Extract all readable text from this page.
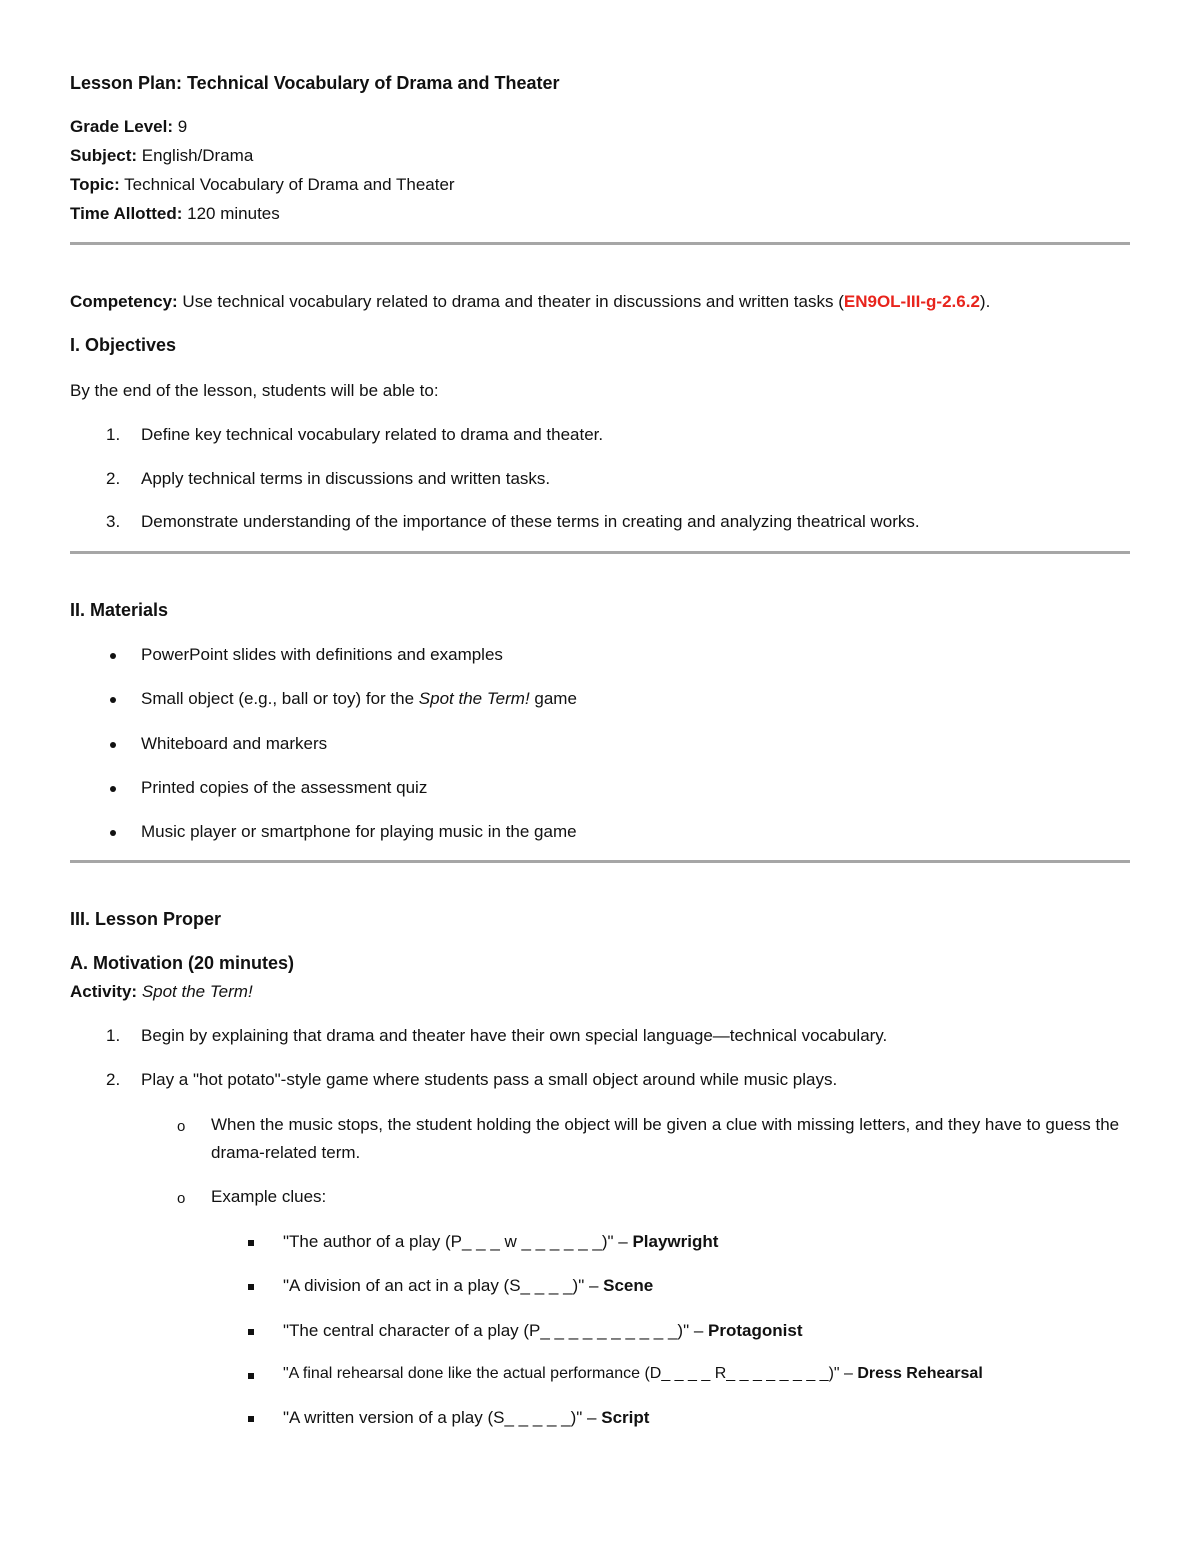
Lesson Plan: Technical Vocabulary of Drama and Theater
Grade Level: 9
Subject: English/Drama
Topic: Technical Vocabulary of Drama and Theater
Time Allotted: 120 minutes
Competency: Use technical vocabulary related to drama and theater in discussions and written tasks (EN9OL-III-g-2.6.2).
I. Objectives
By the end of the lesson, students will be able to:
1. Define key technical vocabulary related to drama and theater.
2. Apply technical terms in discussions and written tasks.
3. Demonstrate understanding of the importance of these terms in creating and analyzing theatrical works.
II. Materials
PowerPoint slides with definitions and examples
Small object (e.g., ball or toy) for the Spot the Term! game
Whiteboard and markers
Printed copies of the assessment quiz
Music player or smartphone for playing music in the game
III. Lesson Proper
A. Motivation (20 minutes)
Activity: Spot the Term!
1. Begin by explaining that drama and theater have their own special language—technical vocabulary.
2. Play a "hot potato"-style game where students pass a small object around while music plays.
o When the music stops, the student holding the object will be given a clue with missing letters, and they have to guess the drama-related term.
o Example clues:
"The author of a play (P_ _ _ w _ _ _ _ _ _)" – Playwright
"A division of an act in a play (S_ _ _ _)" – Scene
"The central character of a play (P_ _ _ _ _ _ _ _ _ _)" – Protagonist
"A final rehearsal done like the actual performance (D_ _ _ _ R_ _ _ _ _ _ _ _)" – Dress Rehearsal
"A written version of a play (S_ _ _ _ _)" – Script
